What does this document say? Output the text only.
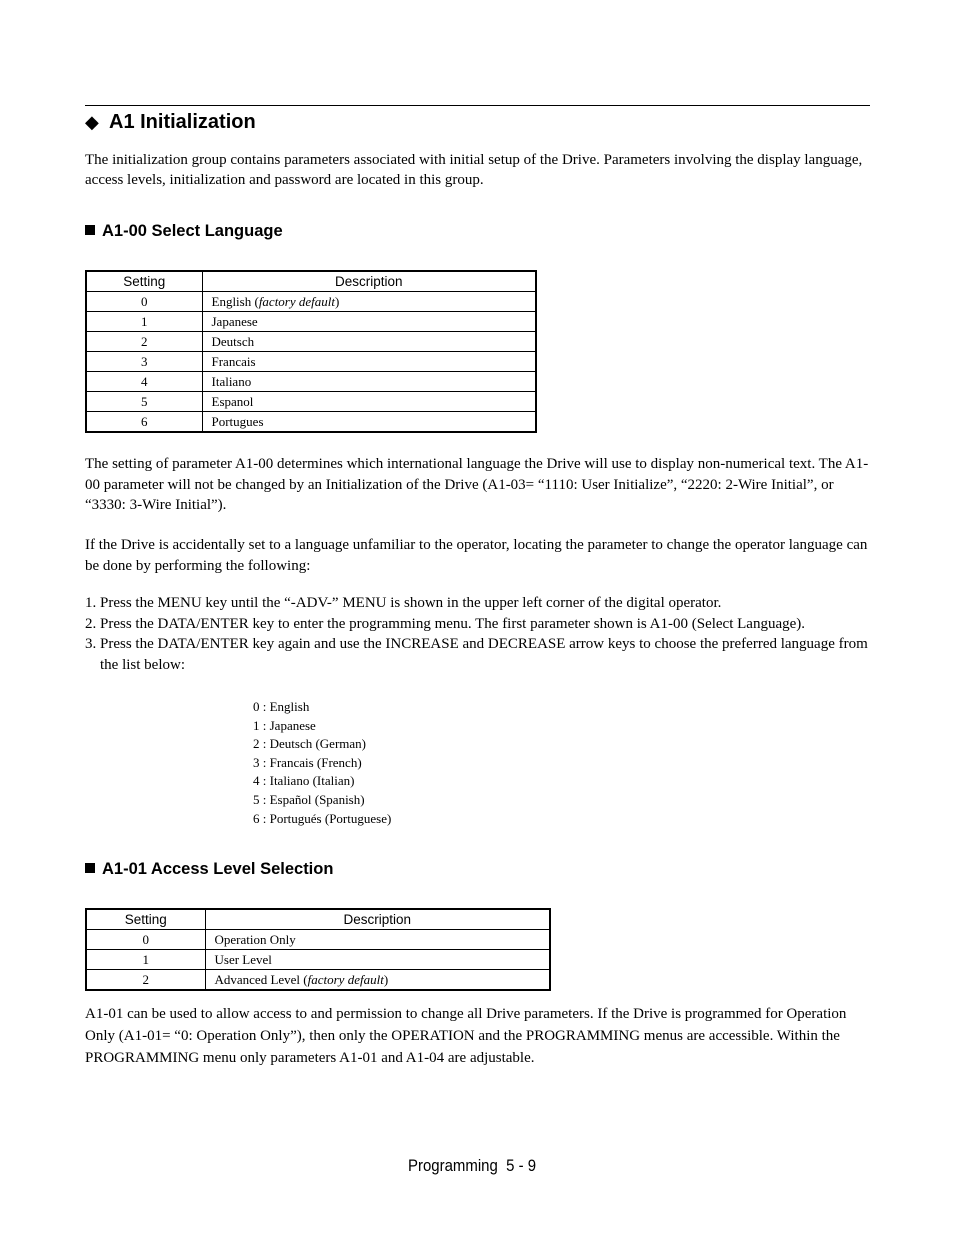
◆ A1 Initialization
The initialization group contains parameters associated with initial setup of the Drive. Parameters involving the display language, access levels, initialization and password are located in this group.
A1-00 Select Language
Setting	Description
0	English (factory default)
1	Japanese
2	Deutsch
3	Francais
4	Italiano
5	Espanol
6	Portugues
The setting of parameter A1-00 determines which international language the Drive will use to display non-numerical text. The A1-00 parameter will not be changed by an Initialization of the Drive (A1-03= “1110: User Initialize”, “2220: 2-Wire Initial”, or “3330: 3-Wire Initial”).
If the Drive is accidentally set to a language unfamiliar to the operator, locating the parameter to change the operator language can be done by performing the following:
1. Press the MENU key until the “-ADV-” MENU is shown in the upper left corner of the digital operator.
2. Press the DATA/ENTER key to enter the programming menu. The first parameter shown is A1-00 (Select Language).
3. Press the DATA/ENTER key again and use the INCREASE and DECREASE arrow keys to choose the preferred language from the list below:
0 : English
1 : Japanese
2 : Deutsch (German)
3 : Francais (French)
4 : Italiano (Italian)
5 : Español (Spanish)
6 : Portugués (Portuguese)
A1-01 Access Level Selection
Setting	Description
0	Operation Only
1	User Level
2	Advanced Level (factory default)
A1-01 can be used to allow access to and permission to change all Drive parameters. If the Drive is programmed for Operation Only (A1-01= “0: Operation Only”), then only the OPERATION and the PROGRAMMING menus are accessible. Within the PROGRAMMING menu only parameters A1-01 and A1-04 are adjustable.
Programming 5 - 9
